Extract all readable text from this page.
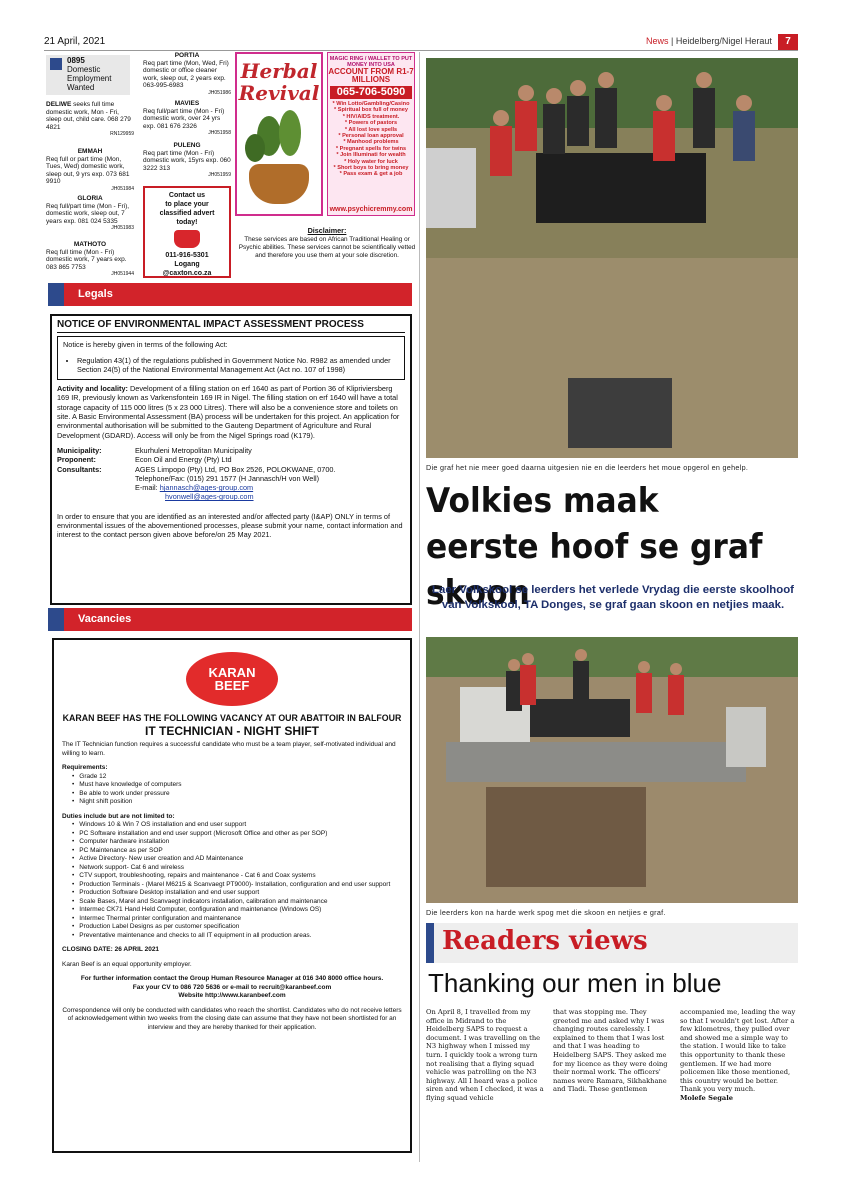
21 April, 2021	News | Heidelberg/Nigel Heraut	7
0895
Domestic
Employment
Wanted
DELIWE seeks full time domestic work, Mon - Fri, sleep out, child care. 068 279 4821
RN129959
EMMAH
Req full or part time (Mon, Tues, Wed) domestic work, sleep out, 9 yrs exp. 073 681 9910
JH051984
GLORIA
Req full/part time (Mon - Fri), domestic work, sleep out, 7 years exp. 081 024 5335
JH051983
MATHOTO
Req full time (Mon - Fri) domestic work, 7 years exp. 083 865 7753
JH051944
PORTIA
Req part time (Mon, Wed, Fri) domestic or office cleaner work, sleep out, 2 years exp. 063-995-6983
JH051986
MAVIES
Req full/part time (Mon - Fri) domestic work, over 24 yrs exp. 081 676 2326
JH051958
PULENG
Req part time (Mon - Fri) domestic work, 15yrs exp. 060 3222 313
JH051959
Herbal Revival
MAGIC RING / WALLET TO PUT MONEY INTO USA
ACCOUNT FROM R1-7 MILLIONS
065-706-5090
* Win Lotto/Gambling/Casino
* Spiritual box full of money
* HIV/AIDS treatment.
* Powers of pastors
* All lost love spells
* Personal loan approval
* Manhood problems
* Pregnant spells for twins
* Join Illuminati for wealth
* Holy water for luck
* Short boys to bring money
* Pass exam & get a job
www.psychicremmy.com
Contact us
to place your
classified advert
today!
011-916-5301
Logang
@caxton.co.za
Disclaimer:
These services are based on African Traditional Healing or Psychic abilities. These services cannot be scientifically vetted and therefore you use them at your sole discretion.
Legals
NOTICE OF ENVIRONMENTAL IMPACT ASSESSMENT PROCESS
Notice is hereby given in terms of the following Act:
• Regulation 43(1) of the regulations published in Government Notice No. R982 as amended under Section 24(5) of the National Environmental Management Act (Act no. 107 of 1998)

Activity and locality: Development of a filling station on erf 1640 as part of Portion 36 of Klipriviersberg 169 IR, previously known as Varkensfontein 169 IR in Nigel. The filling station on erf 1640 will have a total storage capacity of 115 000 litres (5 x 23 000 Litres). There will also be a convenience store and toilets on site. A Basic Environmental Assessment (BA) process will be undertaken for this project. An application for environmental authorisation will be submitted to the Gauteng Department of Agriculture and Rural Development (GDARD). Access will only be from the Nigel Springs road (K179).

Municipality:	Ekurhuleni Metropolitan Municipality
Proponent:	Econ Oil and Energy (Pty) Ltd
Consultants:	AGES Limpopo (Pty) Ltd, PO Box 2526, POLOKWANE, 0700.
Telephone/Fax: (015) 291 1577 (H Jannasch/H von Well)
E-mail: hjannasch@ages-group.com
hvonwell@ages-group.com

In order to ensure that you are identified as an interested and/or affected party (I&AP) ONLY in terms of environmental issues of the abovementioned processes, please submit your name, contact information and interest to the contact person given above before/on 25 May 2021.

Vacancies
KARAN
BEEF
KARAN BEEF HAS THE FOLLOWING VACANCY AT OUR ABATTOIR IN BALFOUR
IT TECHNICIAN - NIGHT SHIFT

The IT Technician function requires a successful candidate who must be a team player, self-motivated individual and willing to learn.

Requirements:
• Grade 12
• Must have knowledge of computers
• Be able to work under pressure
• Night shift position
Duties include but are not limited to:
• Windows 10 & Win 7 OS installation and end user support
• PC Software installation and end user support (Microsoft Office and other as per SOP)
• Computer hardware installation
• PC Maintenance as per SOP
• Active Directory- New user creation and AD Maintenance
• Network support- Cat 6 and wireless
• CTV support, troubleshooting, repairs and maintenance - Cat 6 and Coax systems
• Production Terminals - (Marel M6215 & Scanvaegt PT9000)- Installation, configuration and end user support
• Production Software Desktop installation and end user support
• Scale Bases, Marel and Scanvaegt indicators installation, calibration and maintenance
• Intermec CK71 Hand Held Computer, configuration and maintenance (Windows OS)
• Intermec Thermal printer configuration and maintenance
• Production Label Designs as per customer specification
• Preventative maintenance and checks to all IT equipment in all production areas.

CLOSING DATE: 26 APRIL 2021

Karan Beef is an equal opportunity employer.

For further information contact the Group Human Resource Manager at 016 340 8000 office hours.

Fax your CV to 086 720 5636 or e-mail to recruit@karanbeef.com

Website http://www.karanbeef.com

Correspondence will only be conducted with candidates who reach the shortlist. Candidates who do not receive letters of acknowledgement within two weeks from the closing date can assume that they have not been shortlisted for an interview and they are hereby thanked for their application.

Die graf het nie meer goed daarna uitgesien nie en die leerders het moue opgerol en gehelp.
Volkies maak eerste hoof se graf skoon
Laer Volkskool se leerders het verlede Vrydag die eerste skoolhoof van Volkskool, TA Donges, se graf gaan skoon en netjies maak.
Die leerders kon na harde werk spog met die skoon en netjies e graf.
Readers views
Thanking our men in blue

On April 8, I travelled from my office in Midrand to the Heidelberg SAPS to request a document. I was travelling on the N3 highway when I missed my turn. I quickly took a wrong turn not realising that a flying squad vehicle was patrolling on the N3 highway. All I heard was a police siren and when I checked, it was a flying squad vehicle

that was stopping me. They greeted me and asked why I was changing routes carelessly. I explained to them that I was lost and that I was heading to Heidelberg SAPS. They asked me for my licence as they were doing their normal work. The officers' names were Ramara, Sikhakhane and Tladi. These gentlemen

accompanied me, leading the way so that I wouldn't get lost. After a few kilometres, they pulled over and showed me a simple way to the station. I would like to take this opportunity to thank these gentlemen. If we had more policemen like those mentioned, this country would be better. Thank you very much.

Molefe Segale
